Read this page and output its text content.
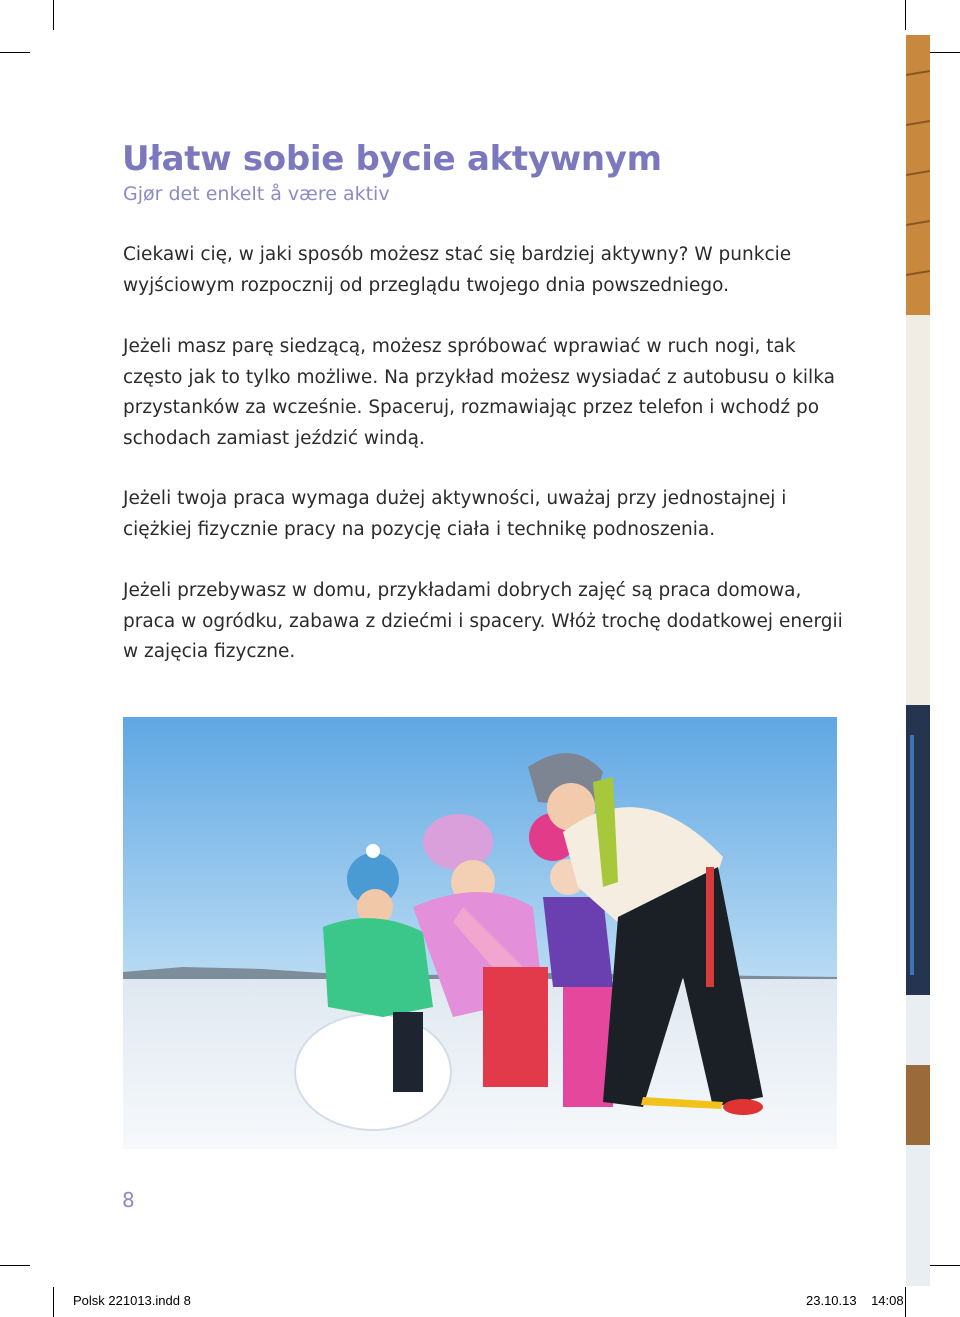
Ułatw sobie bycie aktywnym

Gjør det enkelt å være aktiv

Ciekawi cię, w jaki sposób możesz stać się bardziej aktywny? W punkcie wyjściowym rozpocznij od przeglądu twojego dnia powszedniego.

Jeżeli masz parę siedzącą, możesz spróbować wprawiać w ruch nogi, tak często jak to tylko możliwe. Na przykład możesz wysiadać z autobusu o kilka przystanków za wcześnie. Spaceruj, rozmawiając przez telefon i wchodź po schodach zamiast jeździć windą.

Jeżeli twoja praca wymaga dużej aktywności, uważaj przy jednostajnej i ciężkiej fizycznie pracy na pozycję ciała i technikę podnoszenia.

Jeżeli przebywasz w domu, przykładami dobrych zajęć są praca domowa, praca w ogródku, zabawa z dziećmi i spacery. Włóż trochę dodatkowej energii w zajęcia fizyczne.

8
Polsk 221013.indd 8	23.10.13 14:08
